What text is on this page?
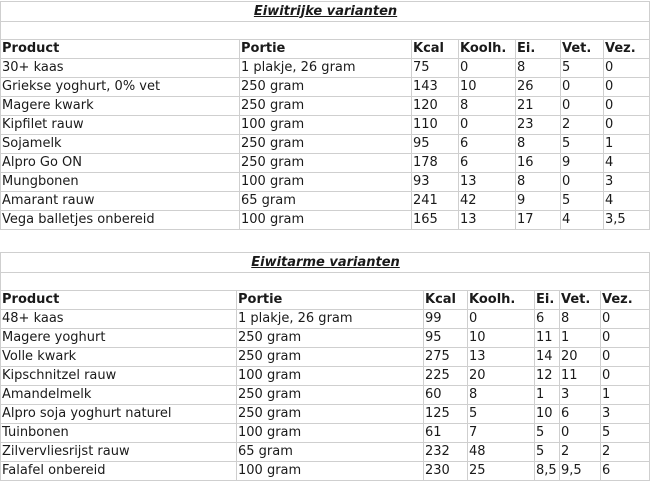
Eiwitrijke varianten						

Product	Portie	Kcal	Koolh.	Ei.	Vet.	Vez.
30+ kaas	1 plakje, 26 gram	75	0	8	5	0
Griekse yoghurt, 0% vet	250 gram	143	10	26	0	0
Magere kwark	250 gram	120	8	21	0	0
Kipfilet rauw	100 gram	110	0	23	2	0
Sojamelk	250 gram	95	6	8	5	1
Alpro Go ON	250 gram	178	6	16	9	4
Mungbonen	100 gram	93	13	8	0	3
Amarant rauw	65 gram	241	42	9	5	4
Vega balletjes onbereid	100 gram	165	13	17	4	3,5
Eiwitarme varianten						

Product	Portie	Kcal	Koolh.	Ei.	Vet.	Vez.
48+ kaas	1 plakje, 26 gram	99	0	6	8	0
Magere yoghurt	250 gram	95	10	11	1	0
Volle kwark	250 gram	275	13	14	20	0
Kipschnitzel rauw	100 gram	225	20	12	11	0
Amandelmelk	250 gram	60	8	1	3	1
Alpro soja yoghurt naturel	250 gram	125	5	10	6	3
Tuinbonen	100 gram	61	7	5	0	5
Zilvervliesrijst rauw	65 gram	232	48	5	2	2
Falafel onbereid	100 gram	230	25	8,5	9,5	6
